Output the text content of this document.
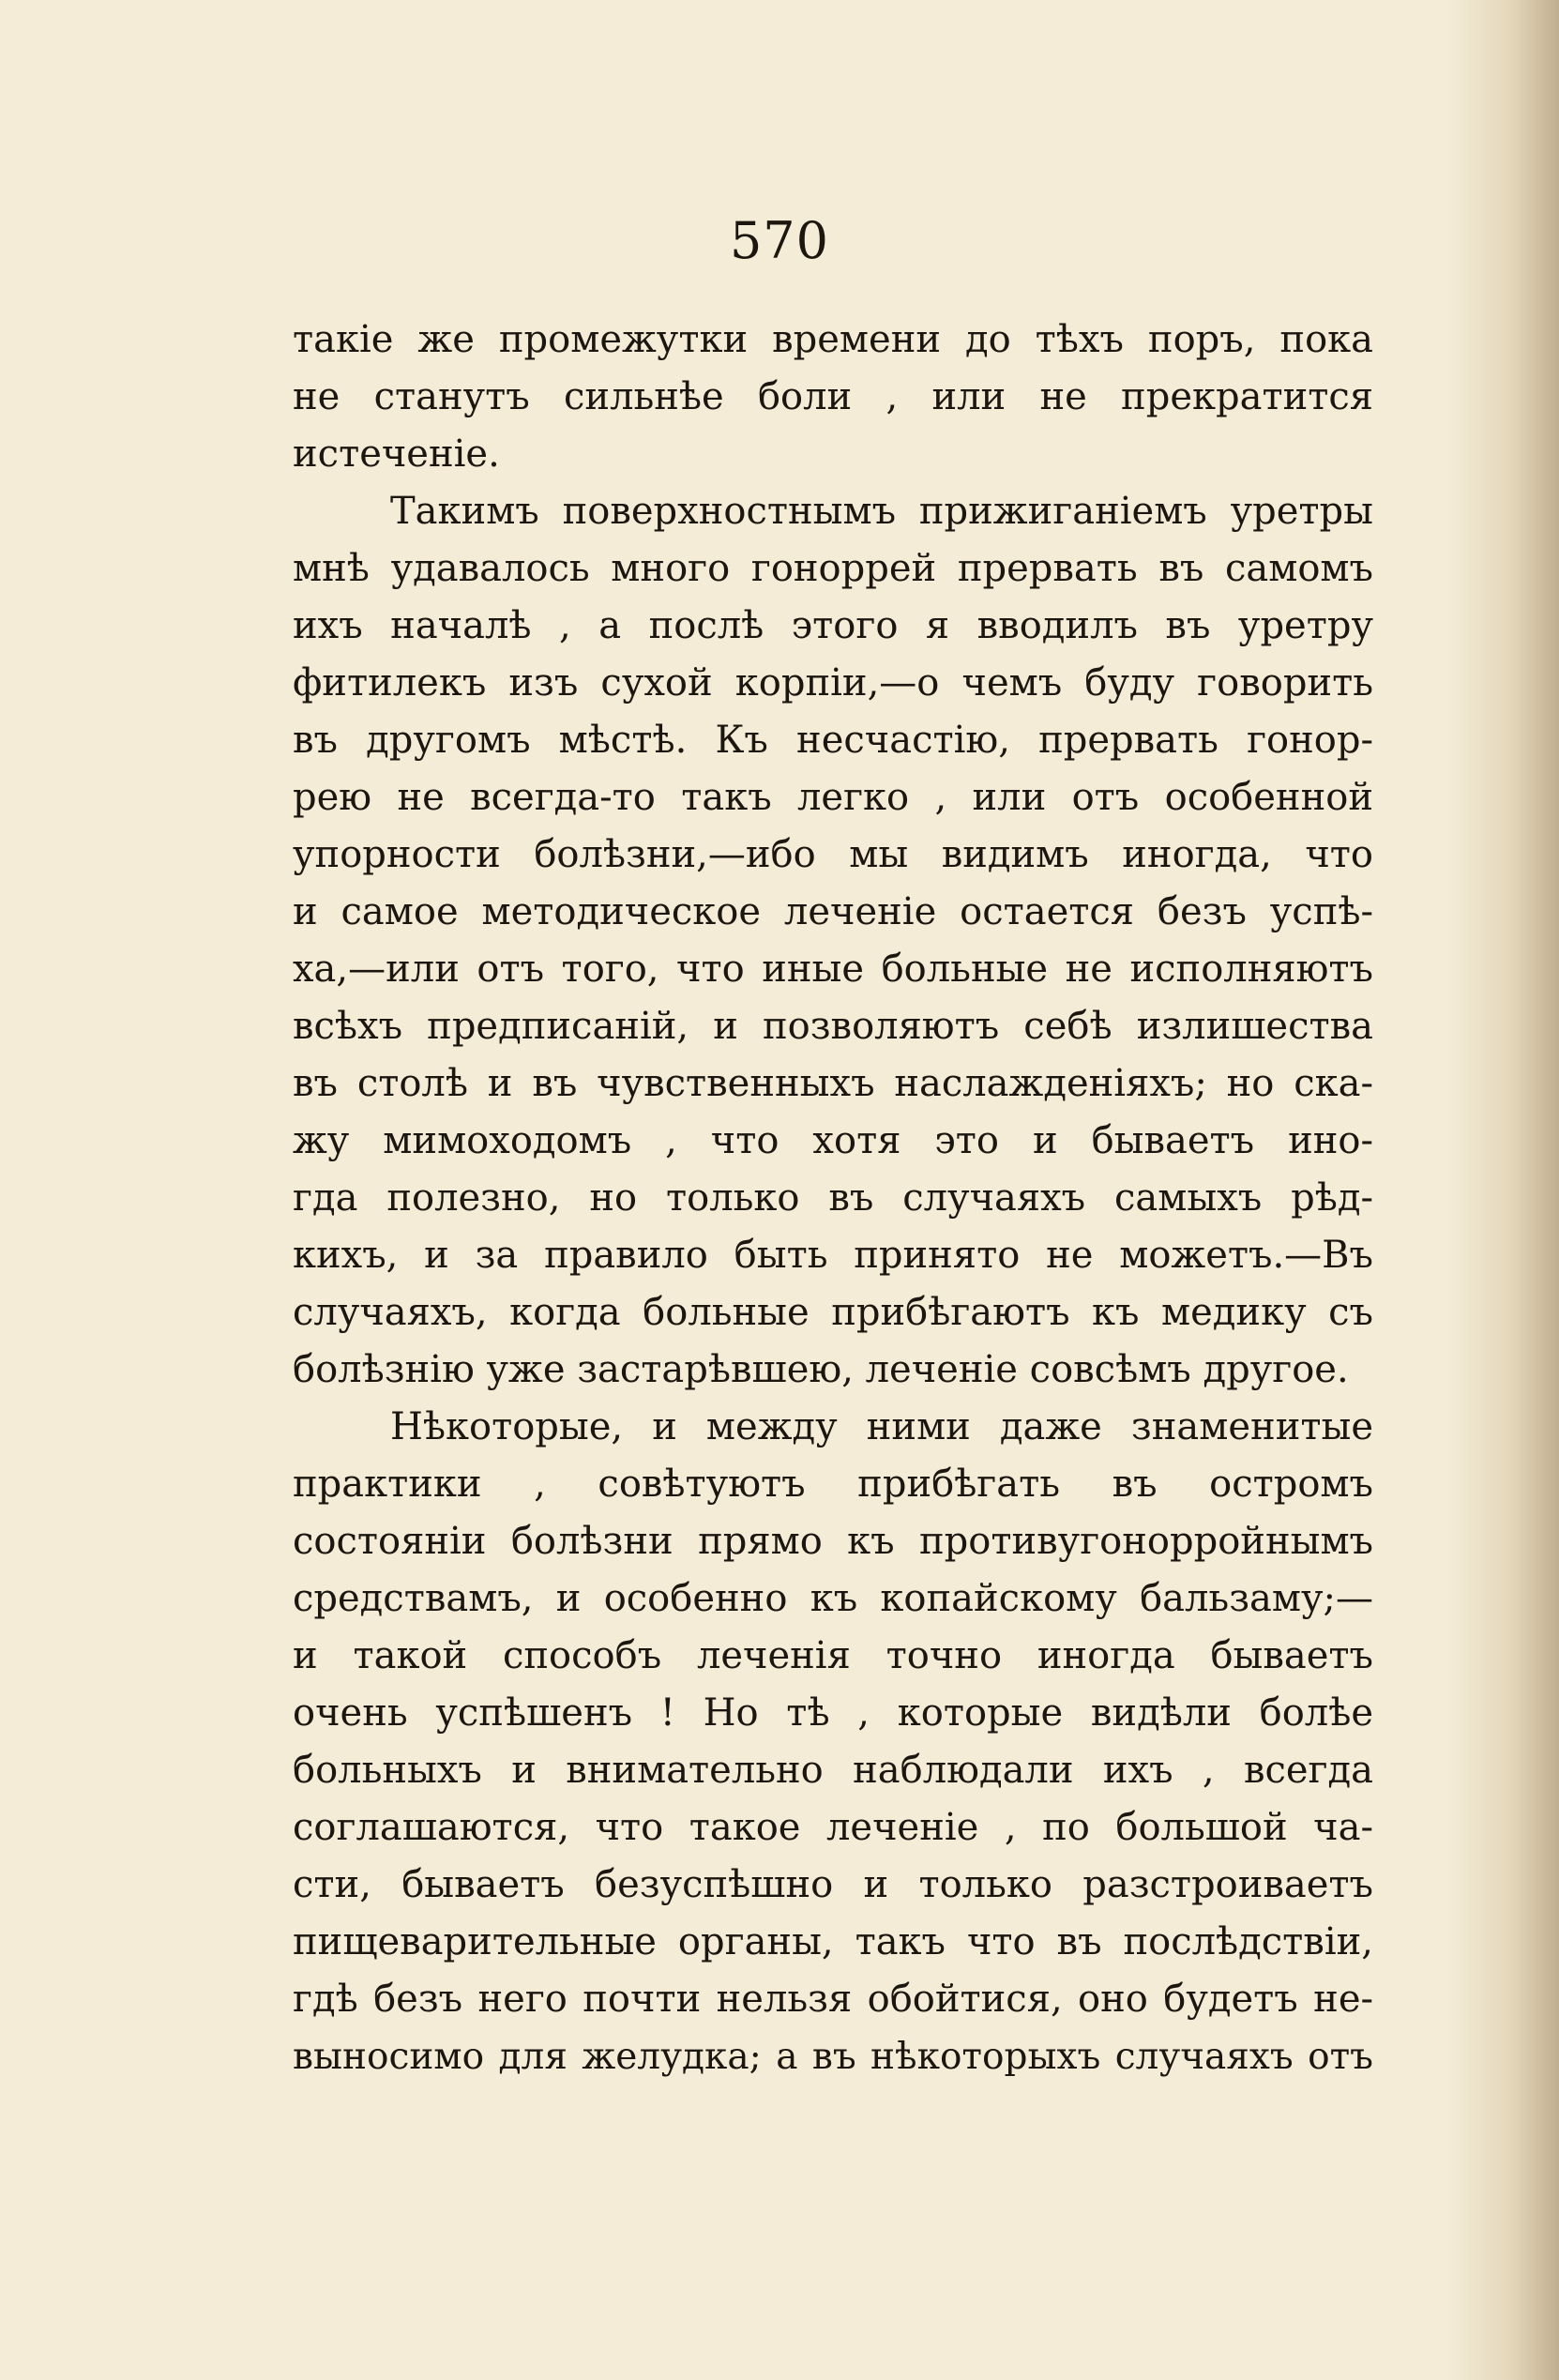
570
такіе же промежутки времени до тѣхъ поръ, пока
не станутъ сильнѣе боли , или не прекратится
истеченіе.
Такимъ поверхностнымъ прижиганіемъ уретры
мнѣ удавалось много гоноррей прервать въ самомъ
ихъ началѣ , а послѣ этого я вводилъ въ уретру
фитилекъ изъ сухой корпіи,—о чемъ буду говорить
въ другомъ мѣстѣ. Къ несчастію, прервать гонор-
рею не всегда-то такъ легко , или отъ особенной
упорности болѣзни,—ибо мы видимъ иногда, что
и самое методическое леченіе остается безъ успѣ-
ха,—или отъ того, что иные больные не исполняютъ
всѣхъ предписаній, и позволяютъ себѣ излишества
въ столѣ и въ чувственныхъ наслажденіяхъ; но ска-
жу мимоходомъ , что хотя это и бываетъ ино-
гда полезно, но только въ случаяхъ самыхъ рѣд-
кихъ, и за правило быть принято не можетъ.—Въ
случаяхъ, когда больные прибѣгаютъ къ медику съ
болѣзнію уже застарѣвшею, леченіе совсѣмъ другое.
Нѣкоторые, и между ними даже знаменитые
практики , совѣтуютъ прибѣгать въ остромъ
состояніи болѣзни прямо къ противугонорройнымъ
средствамъ, и особенно къ копайскому бальзаму;—
и такой способъ леченія точно иногда бываетъ
очень успѣшенъ ! Но тѣ , которые видѣли болѣе
больныхъ и внимательно наблюдали ихъ , всегда
соглашаются, что такое леченіе , по большой ча-
сти, бываетъ безуспѣшно и только разстроиваетъ
пищеварительные органы, такъ что въ послѣдствіи,
гдѣ безъ него почти нельзя обойтися, оно будетъ не-
выносимо для желудка; а въ нѣкоторыхъ случаяхъ отъ
